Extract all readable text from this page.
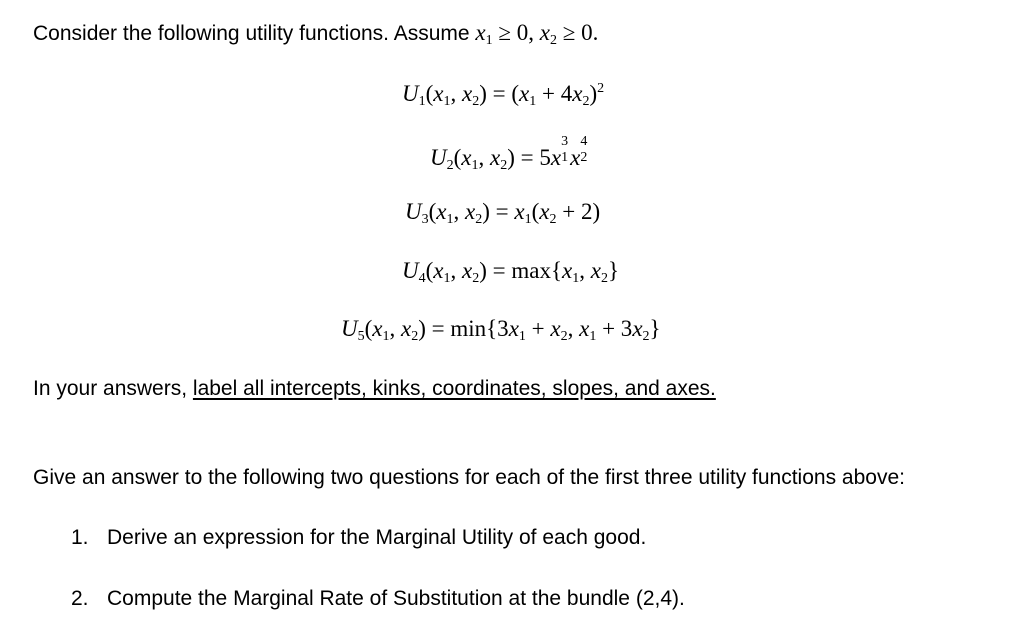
Consider the following utility functions. Assume $x_1 \ge 0$, $x_2 \ge 0$.
$U_1(x_1$, $x_2) = (x_1 + 4x_2)^2$
$U_2(x_1$, $x_2) = 5x$
3
1 x
4
2
$U_3(x_1$, $x_2) = x_1(x_2 + 2)$
$U_4(x_1$, $x_2) = \max\{x_1$, $x_2$}
$U_5(x_1$, $x_2) = \min\{3x_1 + x_2$, $x_1 + 3x_2$}
In your answers, label all intercepts, kinks, coordinates, slopes, and axes.
Give an answer to the following two questions for each of the first three utility functions above:
1. Derive an expression for the Marginal Utility of each good.
2. Compute the Marginal Rate of Substitution at the bundle (2,4).
